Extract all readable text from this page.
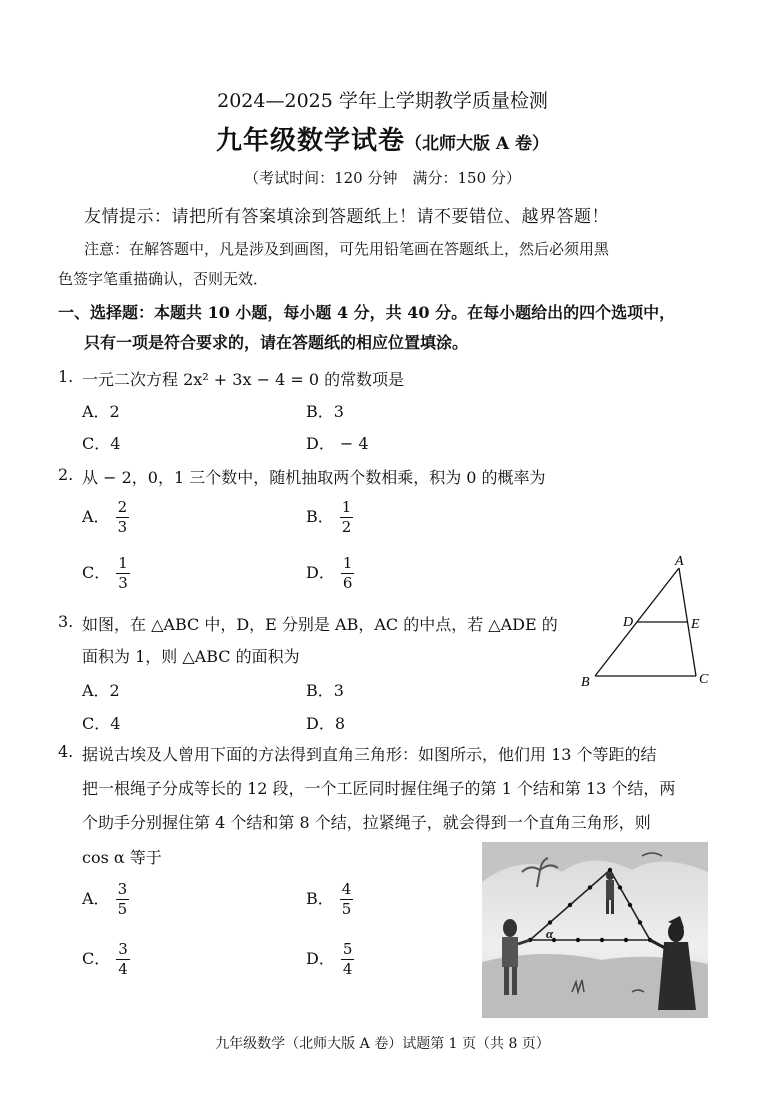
2024—2025 学年上学期教学质量检测
九年级数学试卷（北师大版 A 卷）
（考试时间：120 分钟　满分：150 分）
友情提示：请把所有答案填涂到答题纸上！请不要错位、越界答题！
注意：在解答题中，凡是涉及到画图，可先用铅笔画在答题纸上，然后必须用黑
色签字笔重描确认，否则无效．
一、选择题：本题共 10 小题，每小题 4 分，共 40 分。在每小题给出的四个选项中，
只有一项是符合要求的，请在答题纸的相应位置填涂。
1. 一元二次方程 2x² + 3x − 4 = 0 的常数项是
A．2	B．3
C．4	D． − 4
2. 从 − 2，0，1 三个数中，随机抽取两个数相乘，积为 0 的概率为
A． $\frac{2}{3}$	B． $\frac{1}{2}$
C． $\frac{1}{3}$	D． $\frac{1}{6}$
3. 如图，在 △ABC 中，D，E 分别是 AB，AC 的中点，若 △ADE 的
面积为 1，则 △ABC 的面积为
A．2	B．3
C．4	D．8
A
D	E
B	C
4. 据说古埃及人曾用下面的方法得到直角三角形：如图所示，他们用 13 个等距的结
把一根绳子分成等长的 12 段，一个工匠同时握住绳子的第 1 个结和第 13 个结，两
个助手分别握住第 4 个结和第 8 个结，拉紧绳子，就会得到一个直角三角形，则
cos α 等于
A． $\frac{3}{5}$	B． $\frac{4}{5}$
C． $\frac{3}{4}$	D． $\frac{5}{4}$
α
九年级数学（北师大版 A 卷）试题第 1 页（共 8 页）
